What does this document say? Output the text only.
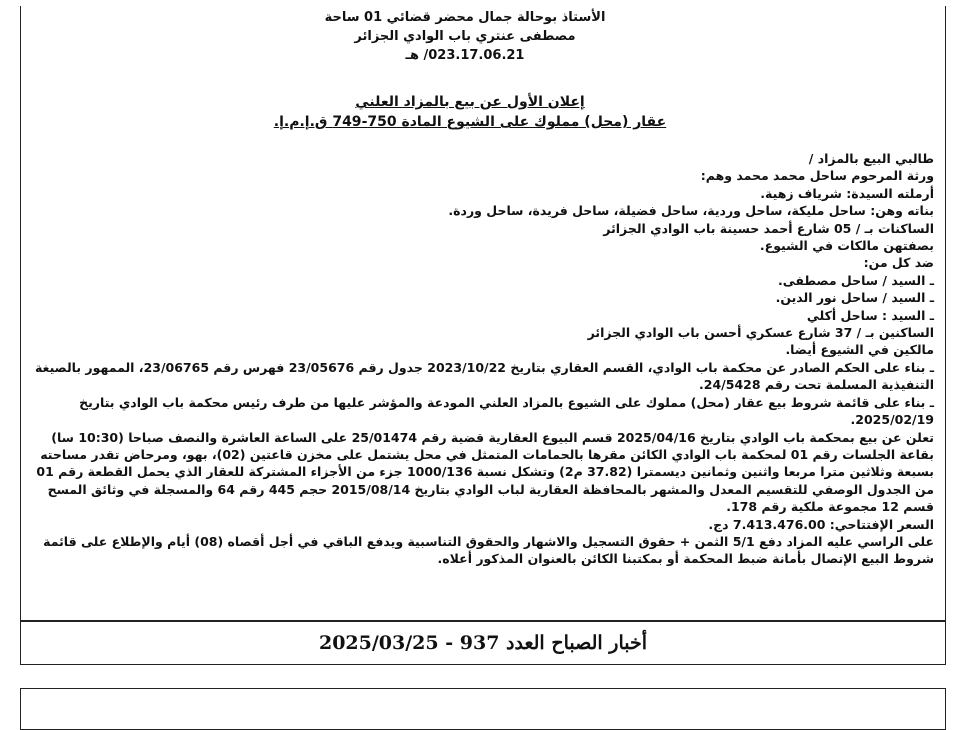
الأستاذ بوحالة جمال محضر قضائي 01 ساحة
مصطفى عنتري باب الوادي الجزائر
023.17.06.21/ هـ
إعلان الأول عن بيع بالمزاد العلني
عقار (محل) مملوك على الشيوع المادة 750-749 ق.إ.م.إ.
طالبي البيع بالمزاد /
ورثة المرحوم ساحل محمد محمد وهم:
أرملته السيدة: شرياف زهية.
بناته وهن: ساحل مليكة، ساحل وردية، ساحل فضيلة، ساحل فريدة، ساحل وردة.
الساكنات بـ / 05 شارع أحمد حسينة باب الوادي الجزائر
بصفتهن مالكات في الشيوع.
ضد كل من:
ـ السيد / ساحل مصطفى.
ـ السيد / ساحل نور الدين.
ـ السيد : ساحل أكلي
الساكنين بـ / 37 شارع عسكري أحسن باب الوادي الجزائر
مالكين في الشيوع أيضا.
ـ بناء على الحكم الصادر عن محكمة باب الوادي، القسم العقاري بتاريخ 2023/10/22 جدول رقم 23/05676 فهرس رقم 23/06765، الممهور بالصيغة التنفيذية المسلمة تحت رقم 24/5428.
ـ بناء على قائمة شروط بيع عقار (محل) مملوك على الشيوع بالمزاد العلني المودعة والمؤشر عليها من طرف رئيس محكمة باب الوادي بتاريخ 2025/02/19.
تعلن عن بيع بمحكمة باب الوادي بتاريخ 2025/04/16 قسم البيوع العقارية قضية رقم 25/01474 على الساعة العاشرة والنصف صباحا (10:30 سا) بقاعة الجلسات رقم 01 لمحكمة باب الوادي الكائن مقرها بالحمامات المتمثل في محل يشتمل على مخزن قاعتين (02)، بهو، ومرحاض تقدر مساحته بسبعة وثلاثين مترا مربعا واثنين وثمانين ديسمترا (37.82 م2) وتشكل نسبة 1000/136 جزء من الأجزاء المشتركة للعقار الذي يحمل القطعة رقم 01 من الجدول الوصفي للتقسيم المعدل والمشهر بالمحافظة العقارية لباب الوادي بتاريخ 2015/08/14 حجم 445 رقم 64 والمسجلة في وثائق المسح قسم 12 مجموعة ملكية رقم 178.
السعر الإفتتاحي: 7.413.476.00 دج.
على الراسي عليه المزاد دفع 5/1 الثمن + حقوق التسجيل والاشهار والحقوق التناسبية ويدفع الباقي في أجل أقصاه (08) أيام والإطلاع على قائمة شروط البيع الإتصال بأمانة ضبط المحكمة أو بمكتبنا الكائن بالعنوان المذكور أعلاه.
أخبار الصباح العدد 937 - 2025/03/25
